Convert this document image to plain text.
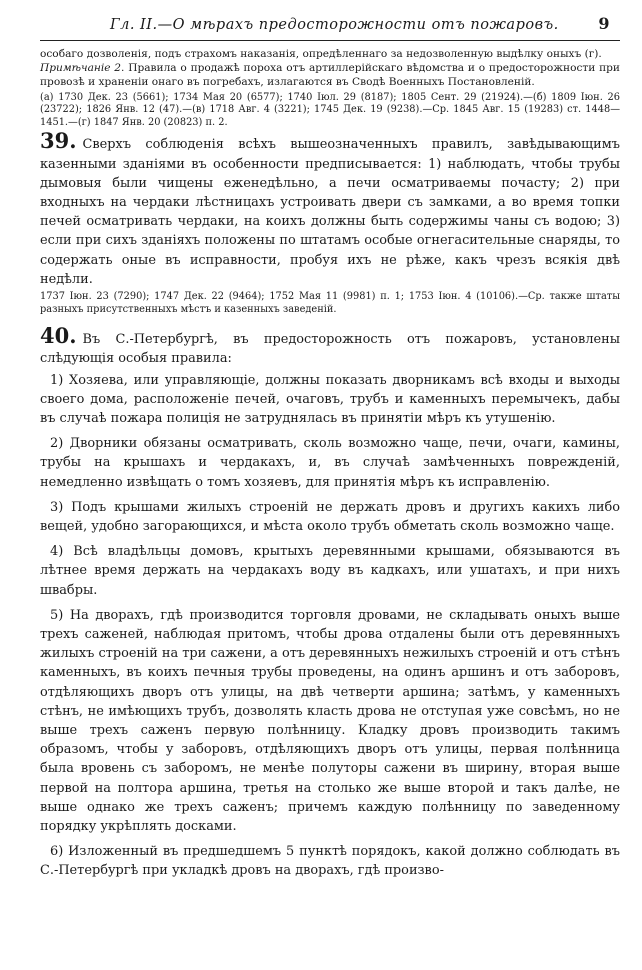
Гл. II.—О мѣрахъ предосторожности отъ пожаровъ. 9

особаго дозволенія, подъ страхомъ наказанія, опредѣленнаго за недозволенную выдѣлку оныхъ (г).

Примѣчаніе 2. Правила о продажѣ пороха отъ артиллерійскаго вѣдомства и о предосторожности при провозѣ и храненіи онаго въ погребахъ, излагаются въ Сводѣ Военныхъ Постановленій.

(а) 1730 Дек. 23 (5661); 1734 Мая 20 (6577); 1740 Іюл. 29 (8187); 1805 Сент. 29 (21924).—(б) 1809 Іюн. 26 (23722); 1826 Янв. 12 (47).—(в) 1718 Авг. 4 (3221); 1745 Дек. 19 (9238).—Ср. 1845 Авг. 15 (19283) ст. 1448—1451.—(г) 1847 Янв. 20 (20823) п. 2.

39. Сверхъ соблюденія всѣхъ вышеозначенныхъ правилъ, завѣдывающимъ казенными зданіями въ особенности предписывается: 1) наблюдать, чтобы трубы дымовыя были чищены еженедѣльно, а печи осматриваемы почасту; 2) при входныхъ на чердаки лѣстницахъ устроивать двери съ замками, а во время топки печей осматривать чердаки, на коихъ должны быть содержимы чаны съ водою; 3) если при сихъ зданіяхъ положены по штатамъ особые огнегасительные снаряды, то содержать оные въ исправности, пробуя ихъ не рѣже, какъ чрезъ всякія двѣ недѣли.

1737 Іюн. 23 (7290); 1747 Дек. 22 (9464); 1752 Мая 11 (9981) п. 1; 1753 Іюн. 4 (10106).—Ср. также штаты разныхъ присутственныхъ мѣстъ и казенныхъ заведеній.

40. Въ С.-Петербургѣ, въ предосторожность отъ пожаровъ, установлены слѣдующія особыя правила:

1) Хозяева, или управляющіе, должны показать дворникамъ всѣ входы и выходы своего дома, расположеніе печей, очаговъ, трубъ и каменныхъ перемычекъ, дабы въ случаѣ пожара полиція не затруднялась въ принятіи мѣръ къ утушенію.

2) Дворники обязаны осматривать, сколь возможно чаще, печи, очаги, камины, трубы на крышахъ и чердакахъ, и, въ случаѣ замѣченныхъ поврежденій, немедленно извѣщать о томъ хозяевъ, для принятія мѣръ къ исправленію.

3) Подъ крышами жилыхъ строеній не держать дровъ и другихъ какихъ либо вещей, удобно загорающихся, и мѣста около трубъ обметать сколь возможно чаще.

4) Всѣ владѣльцы домовъ, крытыхъ деревянными крышами, обязываются въ лѣтнее время держать на чердакахъ воду въ кадкахъ, или ушатахъ, и при нихъ швабры.

5) На дворахъ, гдѣ производится торговля дровами, не складывать оныхъ выше трехъ саженей, наблюдая притомъ, чтобы дрова отдалены были отъ деревянныхъ жилыхъ строеній на три сажени, а отъ деревянныхъ нежилыхъ строеній и отъ стѣнъ каменныхъ, въ коихъ печныя трубы проведены, на одинъ аршинъ и отъ заборовъ, отдѣляющихъ дворъ отъ улицы, на двѣ четверти аршина; затѣмъ, у каменныхъ стѣнъ, не имѣющихъ трубъ, дозволять класть дрова не отступая уже совсѣмъ, но не выше трехъ саженъ первую полѣнницу. Кладку дровъ производить такимъ образомъ, чтобы у заборовъ, отдѣляющихъ дворъ отъ улицы, первая полѣнница была вровень съ заборомъ, не менѣе полуторы сажени въ ширину, вторая выше первой на полтора аршина, третья на столько же выше второй и такъ далѣе, не выше однако же трехъ саженъ; причемъ каждую полѣнницу по заведенному порядку укрѣплять досками.

6) Изложенный въ предшедшемъ 5 пунктѣ порядокъ, какой должно соблюдать въ С.-Петербургѣ при укладкѣ дровъ на дворахъ, гдѣ произво-
